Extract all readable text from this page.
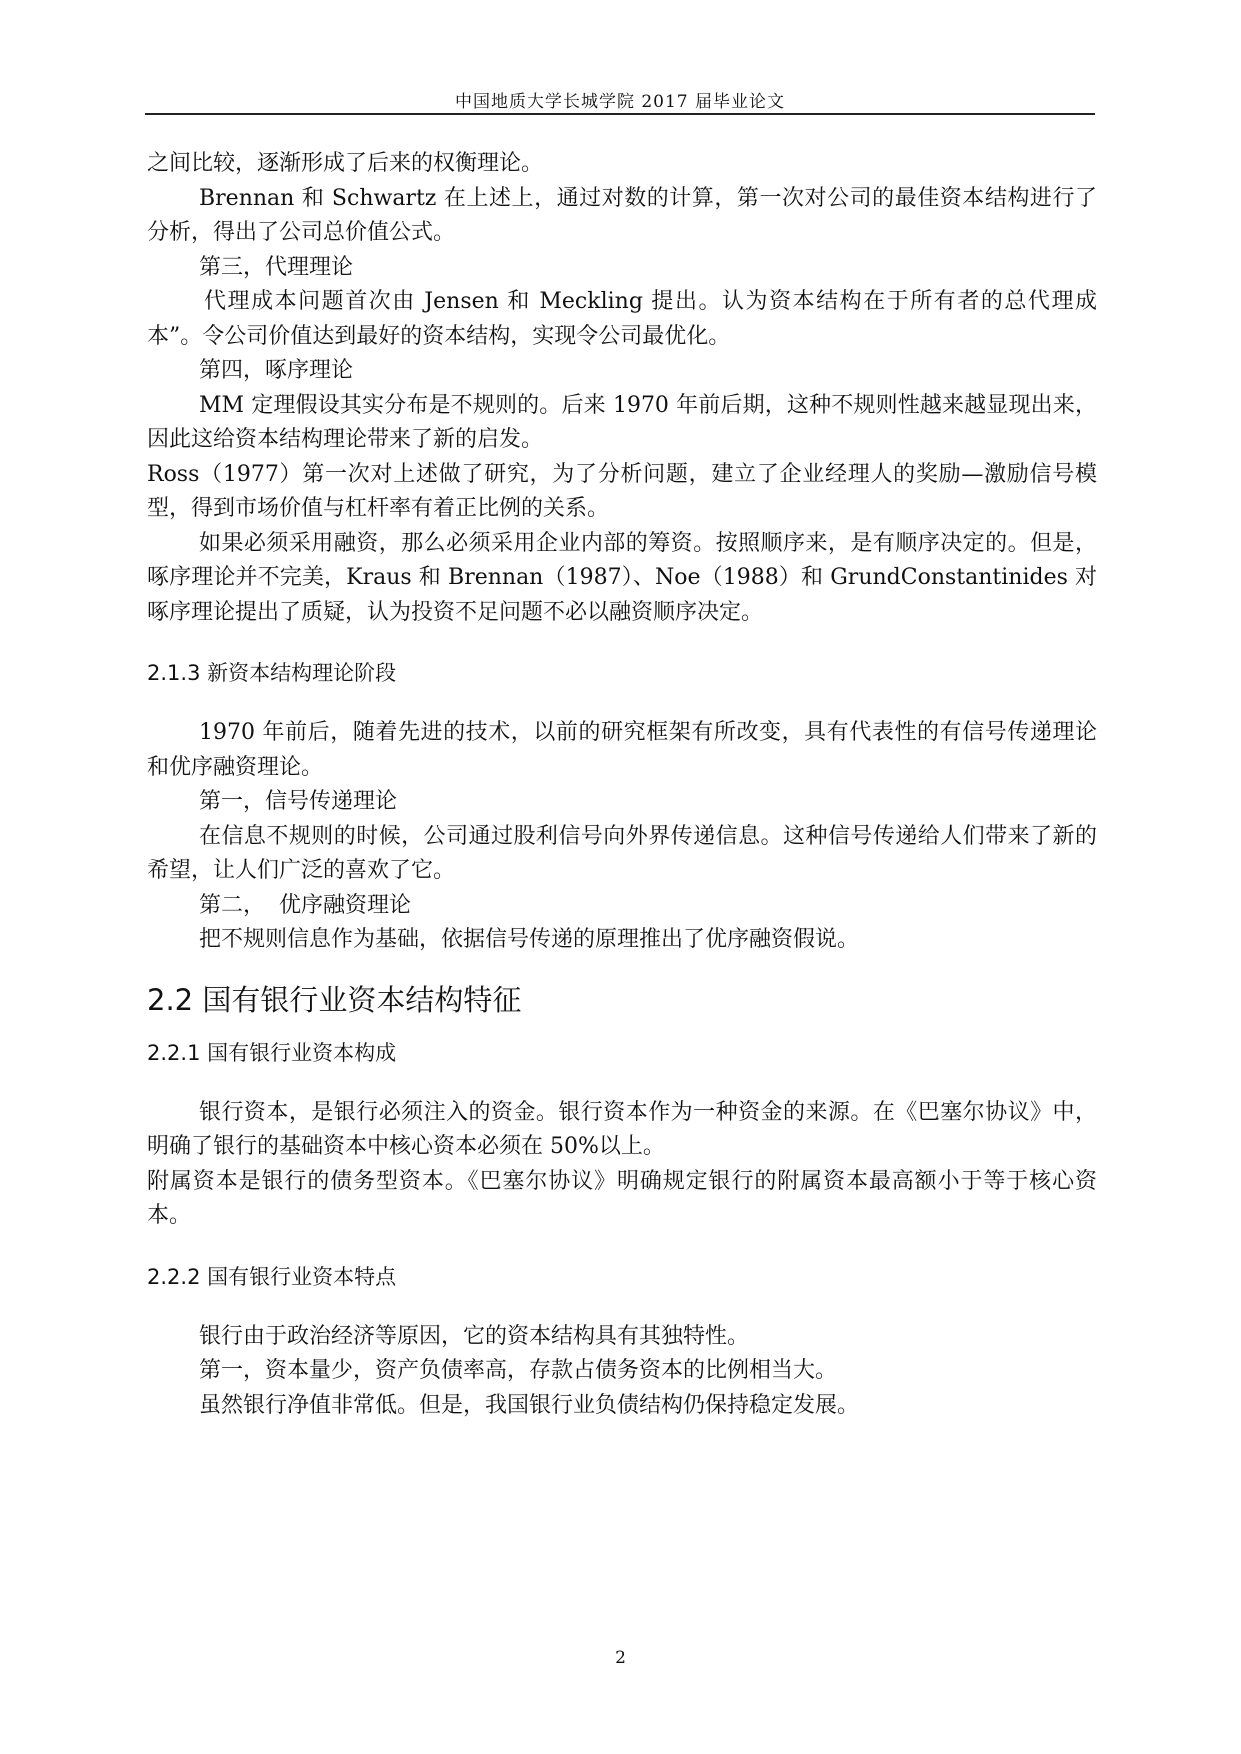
中国地质大学长城学院 2017 届毕业论文

之间比较，逐渐形成了后来的权衡理论。

Brennan 和 Schwartz 在上述上，通过对数的计算，第一次对公司的最佳资本结构进行了分析，得出了公司总价值公式。

第三，代理理论

代理成本问题首次由 Jensen 和 Meckling 提出。认为资本结构在于所有者的总代理成本”。令公司价值达到最好的资本结构，实现令公司最优化。

第四，啄序理论

MM 定理假设其实分布是不规则的。后来 1970 年前后期，这种不规则性越来越显现出来，因此这给资本结构理论带来了新的启发。

Ross（1977）第一次对上述做了研究，为了分析问题，建立了企业经理人的奖励—激励信号模型，得到市场价值与杠杆率有着正比例的关系。

如果必须采用融资，那么必须采用企业内部的筹资。按照顺序来，是有顺序决定的。但是，啄序理论并不完美，Kraus 和 Brennan（1987）、Noe（1988）和 GrundConstantinides 对啄序理论提出了质疑，认为投资不足问题不必以融资顺序决定。

2.1.3 新资本结构理论阶段

1970 年前后，随着先进的技术，以前的研究框架有所改变，具有代表性的有信号传递理论和优序融资理论。

第一，信号传递理论

在信息不规则的时候，公司通过股利信号向外界传递信息。这种信号传递给人们带来了新的希望，让人们广泛的喜欢了它。

第二，  优序融资理论

把不规则信息作为基础，依据信号传递的原理推出了优序融资假说。

2.2 国有银行业资本结构特征

2.2.1 国有银行业资本构成

银行资本，是银行必须注入的资金。银行资本作为一种资金的来源。在《巴塞尔协议》中，明确了银行的基础资本中核心资本必须在 50%以上。

附属资本是银行的债务型资本。《巴塞尔协议》明确规定银行的附属资本最高额小于等于核心资本。

2.2.2 国有银行业资本特点

银行由于政治经济等原因，它的资本结构具有其独特性。

第一，资本量少，资产负债率高，存款占债务资本的比例相当大。

虽然银行净值非常低。但是，我国银行业负债结构仍保持稳定发展。

2
